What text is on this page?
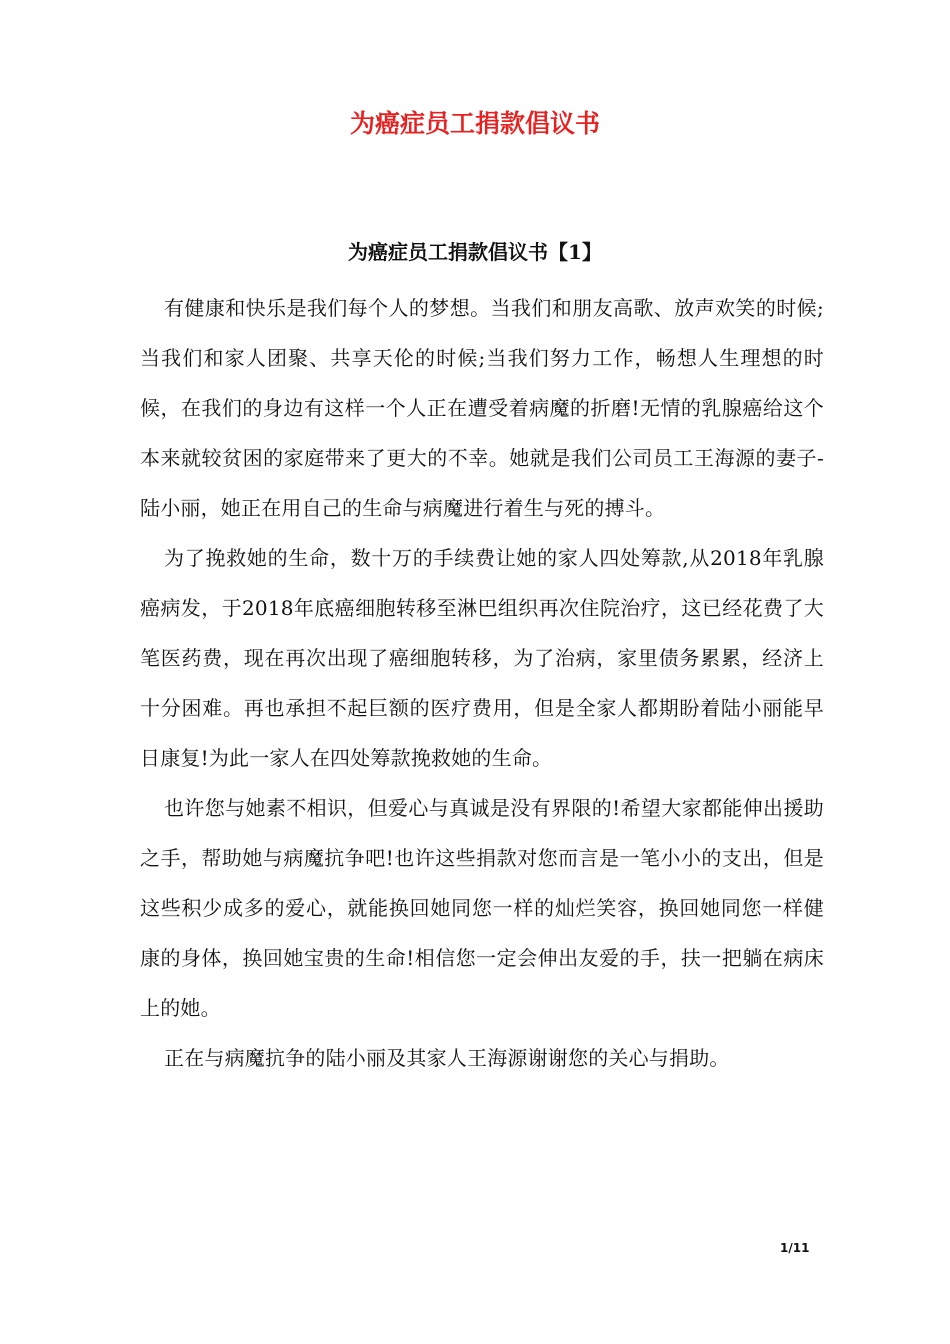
为癌症员工捐款倡议书
为癌症员工捐款倡议书【1】

有健康和快乐是我们每个人的梦想。当我们和朋友高歌、放声欢笑的时候;当我们和家人团聚、共享天伦的时候;当我们努力工作，畅想人生理想的时候，在我们的身边有这样一个人正在遭受着病魔的折磨!无情的乳腺癌给这个本来就较贫困的家庭带来了更大的不幸。她就是我们公司员工王海源的妻子-陆小丽，她正在用自己的生命与病魔进行着生与死的搏斗。

为了挽救她的生命，数十万的手续费让她的家人四处筹款,从2018年乳腺癌病发，于2018年底癌细胞转移至淋巴组织再次住院治疗，这已经花费了大笔医药费，现在再次出现了癌细胞转移，为了治病，家里债务累累，经济上十分困难。再也承担不起巨额的医疗费用，但是全家人都期盼着陆小丽能早日康复!为此一家人在四处筹款挽救她的生命。

也许您与她素不相识，但爱心与真诚是没有界限的!希望大家都能伸出援助之手，帮助她与病魔抗争吧!也许这些捐款对您而言是一笔小小的支出，但是这些积少成多的爱心，就能换回她同您一样的灿烂笑容，换回她同您一样健康的身体，换回她宝贵的生命!相信您一定会伸出友爱的手，扶一把躺在病床上的她。

正在与病魔抗争的陆小丽及其家人王海源谢谢您的关心与捐助。

1/11
